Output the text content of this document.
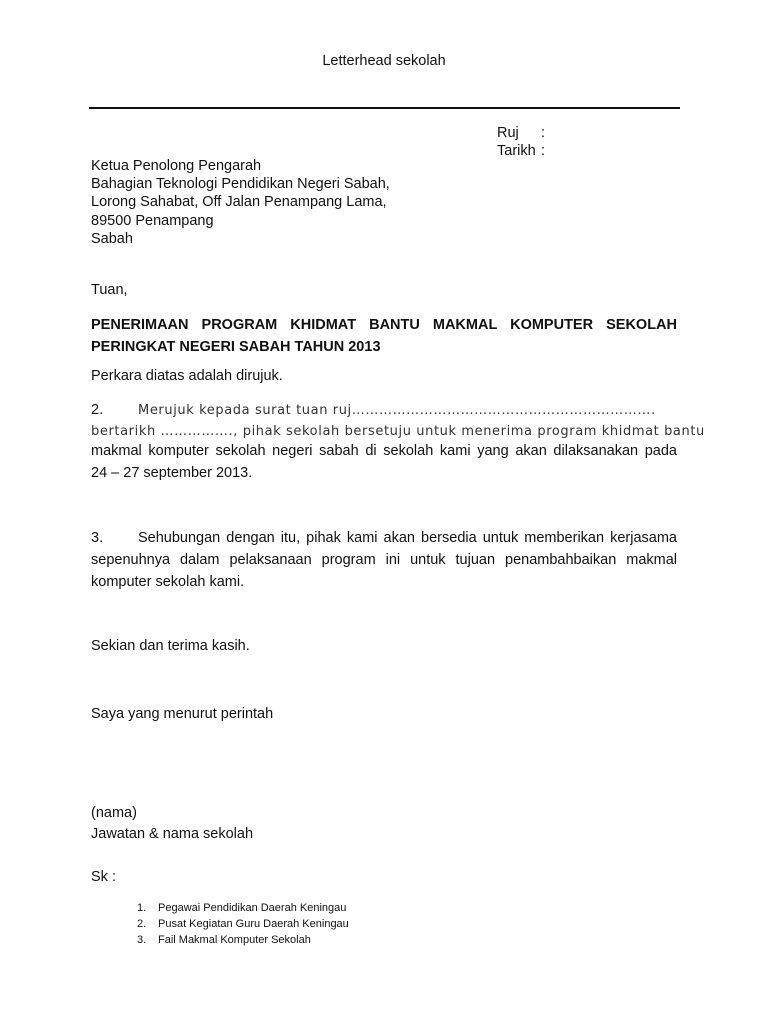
Letterhead sekolah
Ruj :
Tarikh :
Ketua Penolong Pengarah
Bahagian Teknologi Pendidikan Negeri Sabah,
Lorong Sahabat, Off Jalan Penampang Lama,
89500 Penampang
Sabah
Tuan,
PENERIMAAN PROGRAM KHIDMAT BANTU MAKMAL KOMPUTER SEKOLAH
PERINGKAT NEGERI SABAH TAHUN 2013
Perkara diatas adalah dirujuk.
2.	Merujuk kepada surat tuan ruj………………………………………………………….
bertarikh ……………., pihak sekolah bersetuju untuk menerima program khidmat bantu
makmal komputer sekolah negeri sabah di sekolah kami yang akan dilaksanakan pada
24 – 27 september 2013.
3. Sehubungan dengan itu, pihak kami akan bersedia untuk memberikan kerjasama
sepenuhnya dalam pelaksanaan program ini untuk tujuan penambahbaikan makmal
komputer sekolah kami.
Sekian dan terima kasih.
Saya yang menurut perintah
(nama)
Jawatan & nama sekolah
Sk :
1. Pegawai Pendidikan Daerah Keningau
2. Pusat Kegiatan Guru Daerah Keningau
3. Fail Makmal Komputer Sekolah
